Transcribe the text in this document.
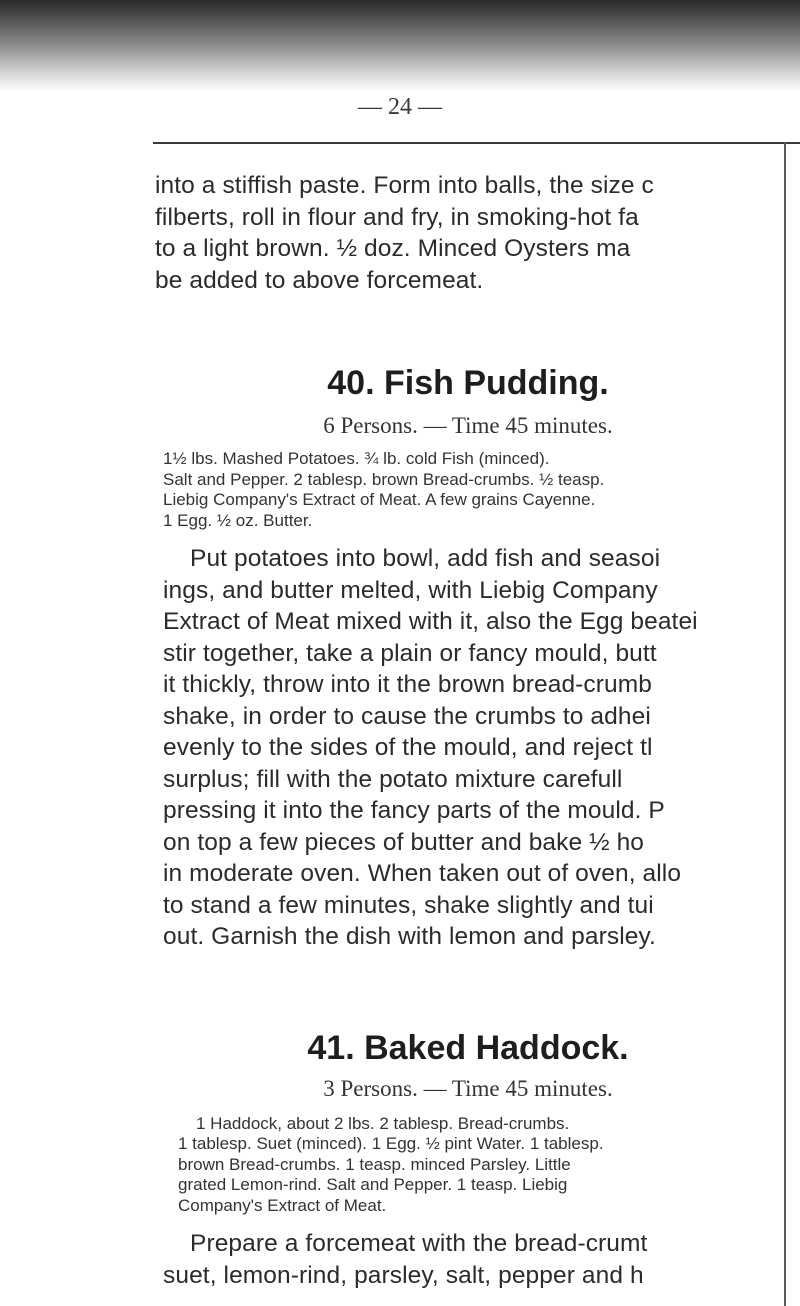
— 24 —

into a stiffish paste. Form into balls, the size c

filberts, roll in flour and fry, in smoking-hot fa

to a light brown. ½ doz. Minced Oysters ma

be added to above forcemeat.

40. Fish Pudding.

6 Persons. — Time 45 minutes.

1½ lbs. Mashed Potatoes. ¾ lb. cold Fish (minced).

Salt and Pepper. 2 tablesp. brown Bread-crumbs. ½ teasp.

Liebig Company's Extract of Meat. A few grains Cayenne.

1 Egg. ½ oz. Butter.

Put potatoes into bowl, add fish and seasoi

ings, and butter melted, with Liebig Company

Extract of Meat mixed with it, also the Egg beatei

stir together, take a plain or fancy mould, butt

it thickly, throw into it the brown bread-crumb

shake, in order to cause the crumbs to adhei

evenly to the sides of the mould, and reject tl

surplus; fill with the potato mixture carefull

pressing it into the fancy parts of the mould. P

on top a few pieces of butter and bake ½ ho

in moderate oven. When taken out of oven, allo

to stand a few minutes, shake slightly and tui

out. Garnish the dish with lemon and parsley.

41. Baked Haddock.

3 Persons. — Time 45 minutes.

1 Haddock, about 2 lbs. 2 tablesp. Bread-crumbs.

1 tablesp. Suet (minced). 1 Egg. ½ pint Water. 1 tablesp.

brown Bread-crumbs. 1 teasp. minced Parsley. Little

grated Lemon-rind. Salt and Pepper. 1 teasp. Liebig

Company's Extract of Meat.

Prepare a forcemeat with the bread-crumt

suet, lemon-rind, parsley, salt, pepper and h
